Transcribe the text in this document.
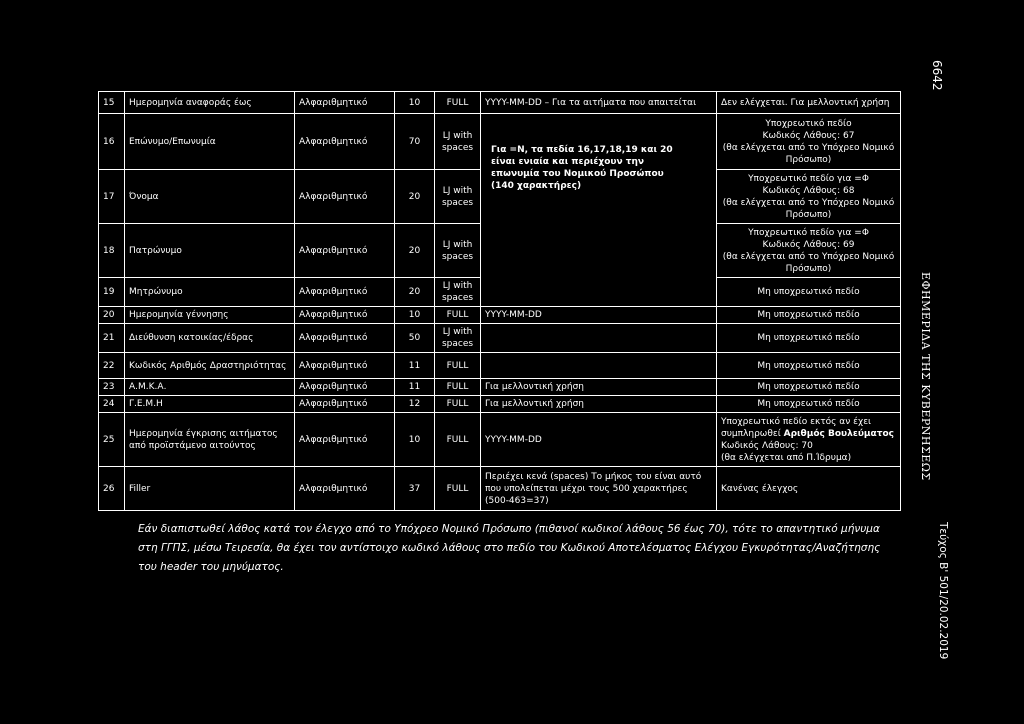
15	Ημερομηνία αναφοράς έως	Αλφαριθμητικό	10	FULL	YYYY-MM-DD – Για τα αιτήματα που απαιτείται	Δεν ελέγχεται. Για μελλοντική χρήση
16	Επώνυμο/Επωνυμία	Αλφαριθμητικό	70	LJ with spaces	Για =N, τα πεδία 16,17,18,19 και 20 είναι ενιαία και περιέχουν την επωνυμία του Νομικού Προσώπου (140 χαρακτήρες)	Υποχρεωτικό πεδίο
Κωδικός Λάθους: 67
(θα ελέγχεται από το Υπόχρεο Νομικό Πρόσωπο)
17	Όνομα	Αλφαριθμητικό	20	LJ with spaces		Υποχρεωτικό πεδίο για =Φ
Κωδικός Λάθους: 68
(θα ελέγχεται από το Υπόχρεο Νομικό Πρόσωπο)
18	Πατρώνυμο	Αλφαριθμητικό	20	LJ with spaces		Υποχρεωτικό πεδίο για =Φ
Κωδικός Λάθους: 69
(θα ελέγχεται από το Υπόχρεο Νομικό Πρόσωπο)
19	Μητρώνυμο	Αλφαριθμητικό	20	LJ with spaces		Μη υποχρεωτικό πεδίο
20	Ημερομηνία γέννησης	Αλφαριθμητικό	10	FULL	YYYY-MM-DD	Μη υποχρεωτικό πεδίο
21	Διεύθυνση κατοικίας/έδρας	Αλφαριθμητικό	50	LJ with spaces		Μη υποχρεωτικό πεδίο
22	Κωδικός Αριθμός Δραστηριότητας	Αλφαριθμητικό	11	FULL		Μη υποχρεωτικό πεδίο
23	Α.Μ.Κ.Α.	Αλφαριθμητικό	11	FULL	Για μελλοντική χρήση	Μη υποχρεωτικό πεδίο
24	Γ.Ε.Μ.Η	Αλφαριθμητικό	12	FULL	Για μελλοντική χρήση	Μη υποχρεωτικό πεδίο
25	Ημερομηνία έγκρισης αιτήματος από προϊστάμενο αιτούντος	Αλφαριθμητικό	10	FULL	YYYY-MM-DD	Υποχρεωτικό πεδίο εκτός αν έχει συμπληρωθεί Αριθμός Βουλεύματος
Κωδικός Λάθους: 70
(θα ελέγχεται από Π.Ίδρυμα)
26	Filler	Αλφαριθμητικό	37	FULL	Περιέχει κενά (spaces) Το μήκος του είναι αυτό που υπολείπεται μέχρι τους 500 χαρακτήρες (500-463=37)	Κανένας έλεγχος
Εάν διαπιστωθεί λάθος κατά τον έλεγχο από το Υπόχρεο Νομικό Πρόσωπο (πιθανοί κωδικοί λάθους 56 έως 70), τότε το απαντητικό μήνυμα στη ΓΓΠΣ, μέσω Τειρεσία, θα έχει τον αντίστοιχο κωδικό λάθους στο πεδίο του Κωδικού Αποτελέσματος Ελέγχου Εγκυρότητας/Αναζήτησης του header του μηνύματος.
6642
ΕΦΗΜΕΡΙΔΑ ΤΗΣ ΚΥΒΕΡΝΗΣΕΩΣ
Τεύχος B' 501/20.02.2019
